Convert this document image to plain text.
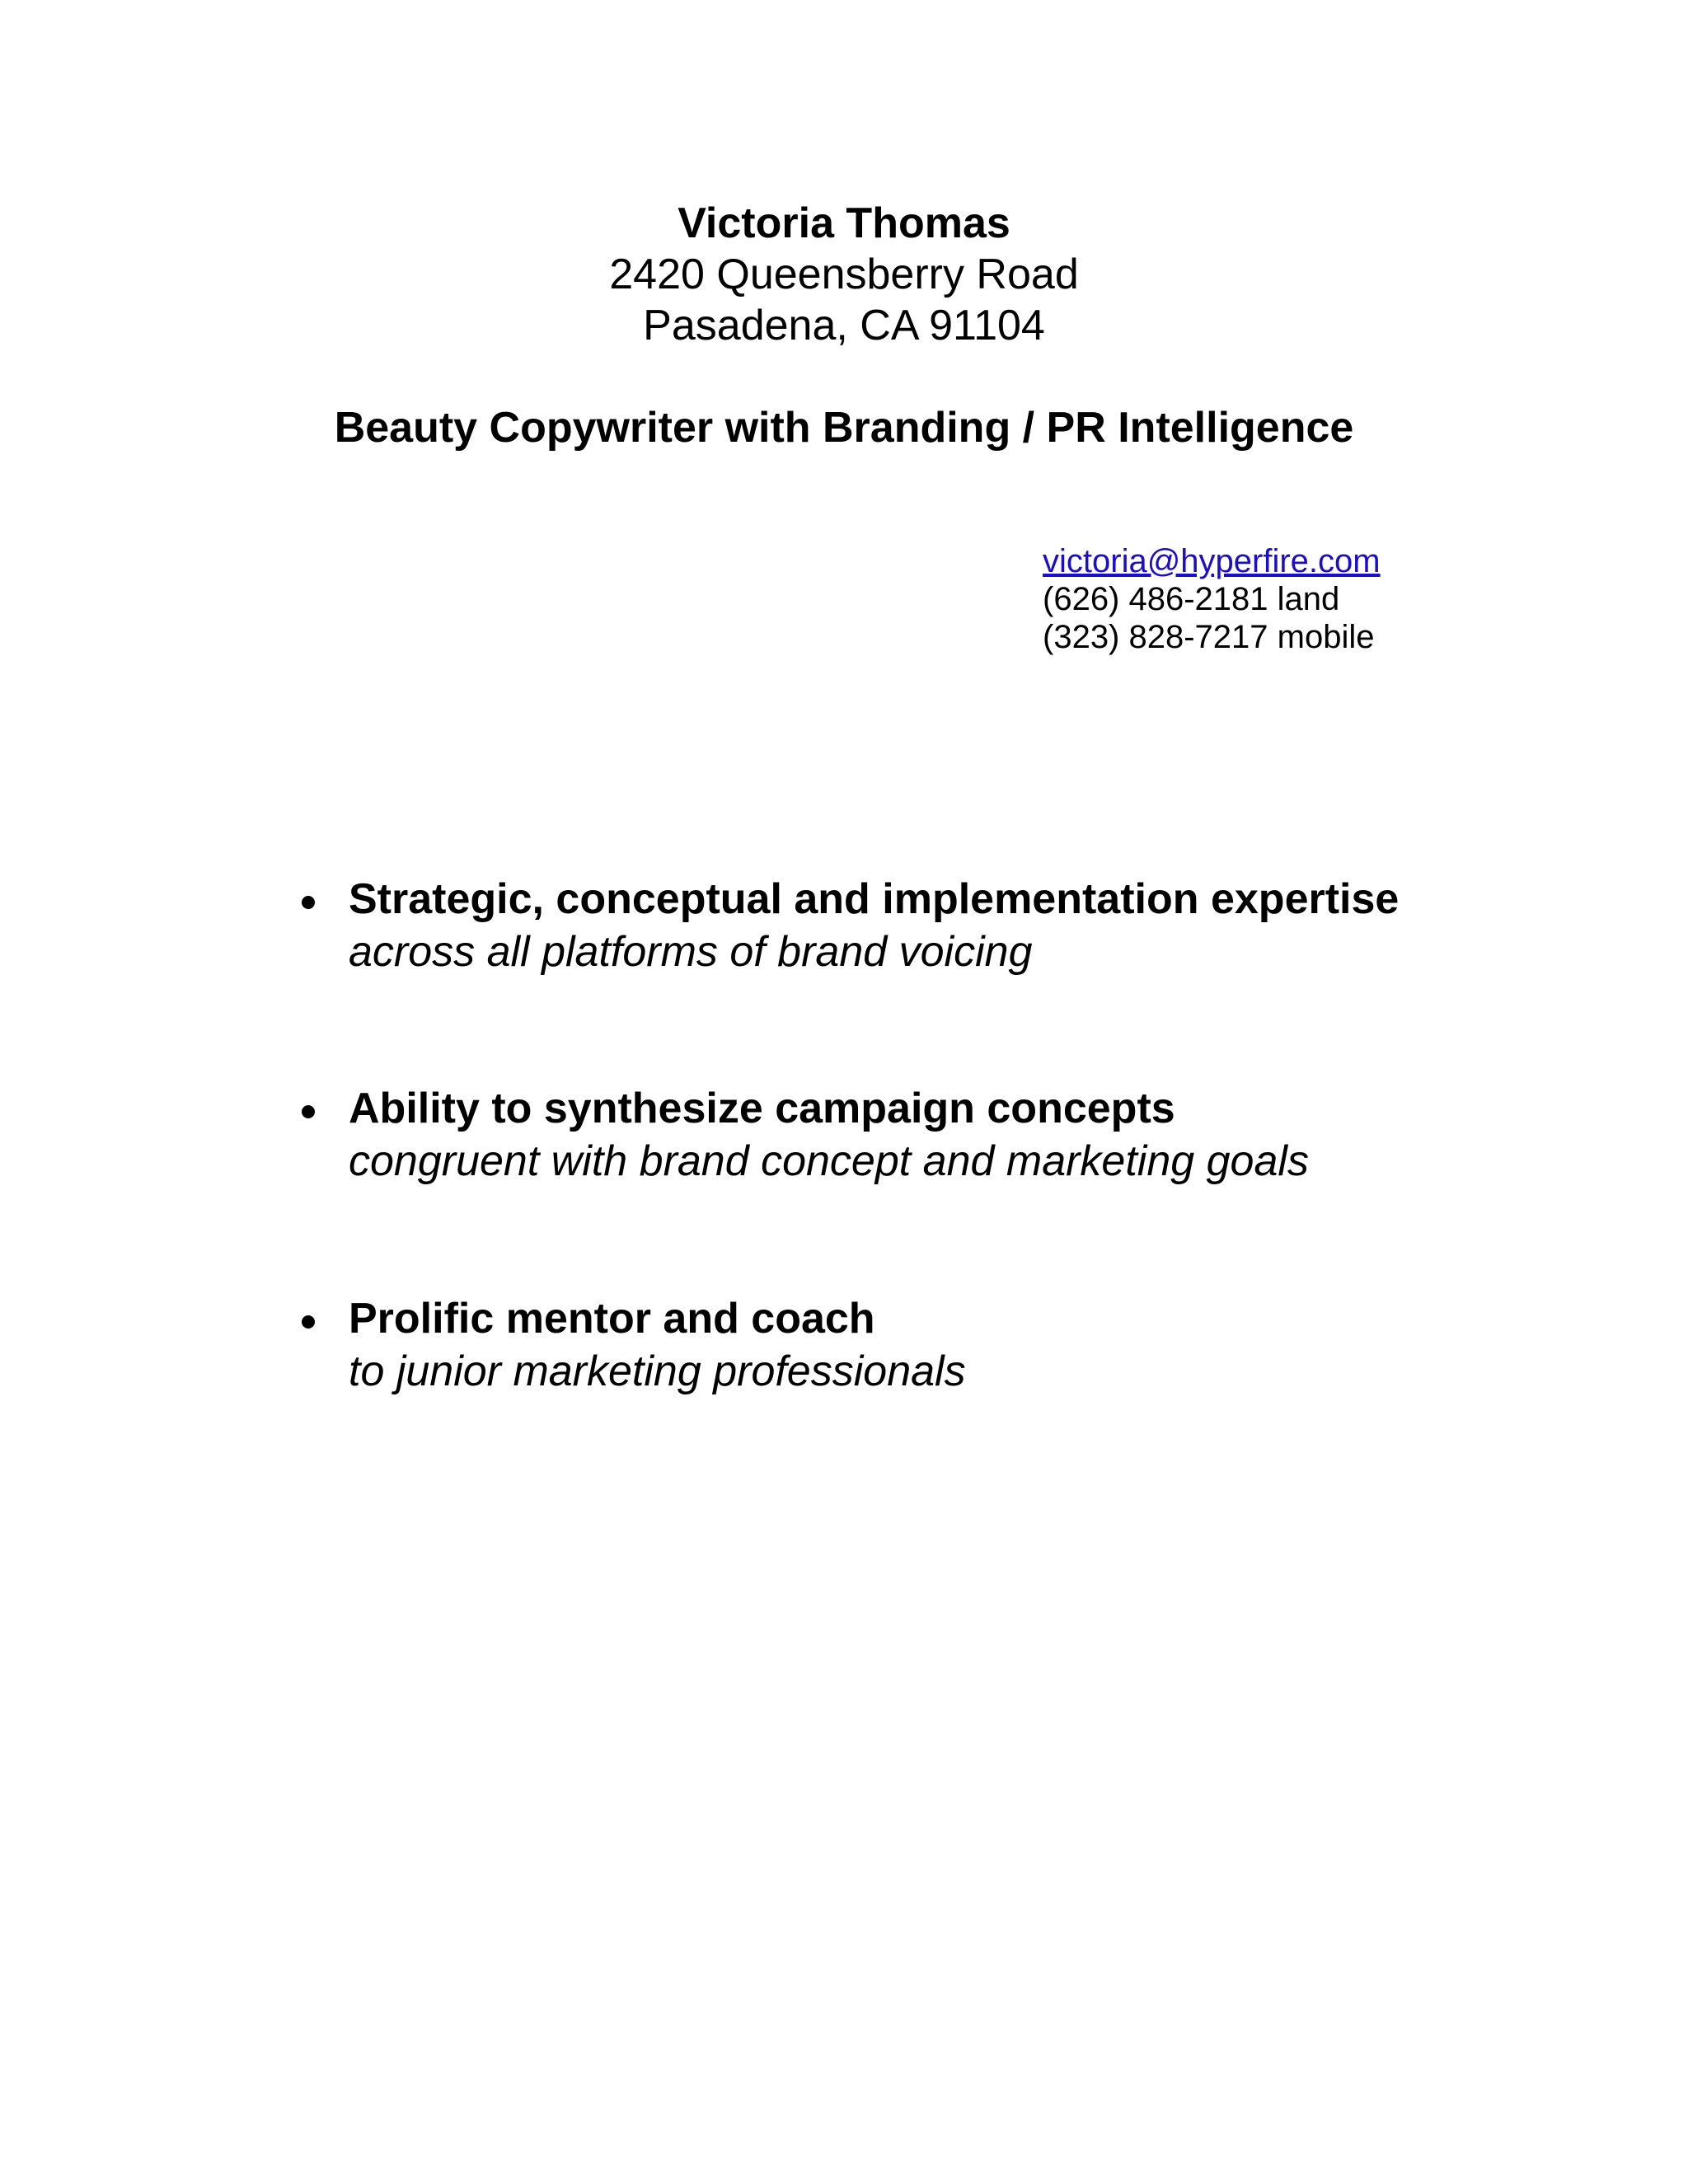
Victoria Thomas

2420 Queensberry Road

Pasadena, CA 91104

Beauty Copywriter with Branding / PR Intelligence

victoria@hyperfire.com
(626) 486-2181 land
(323) 828-7217 mobile
Strategic, conceptual and implementation expertise
across all platforms of brand voicing
Ability to synthesize campaign concepts
congruent with brand concept and marketing goals
Prolific mentor and coach
to junior marketing professionals
